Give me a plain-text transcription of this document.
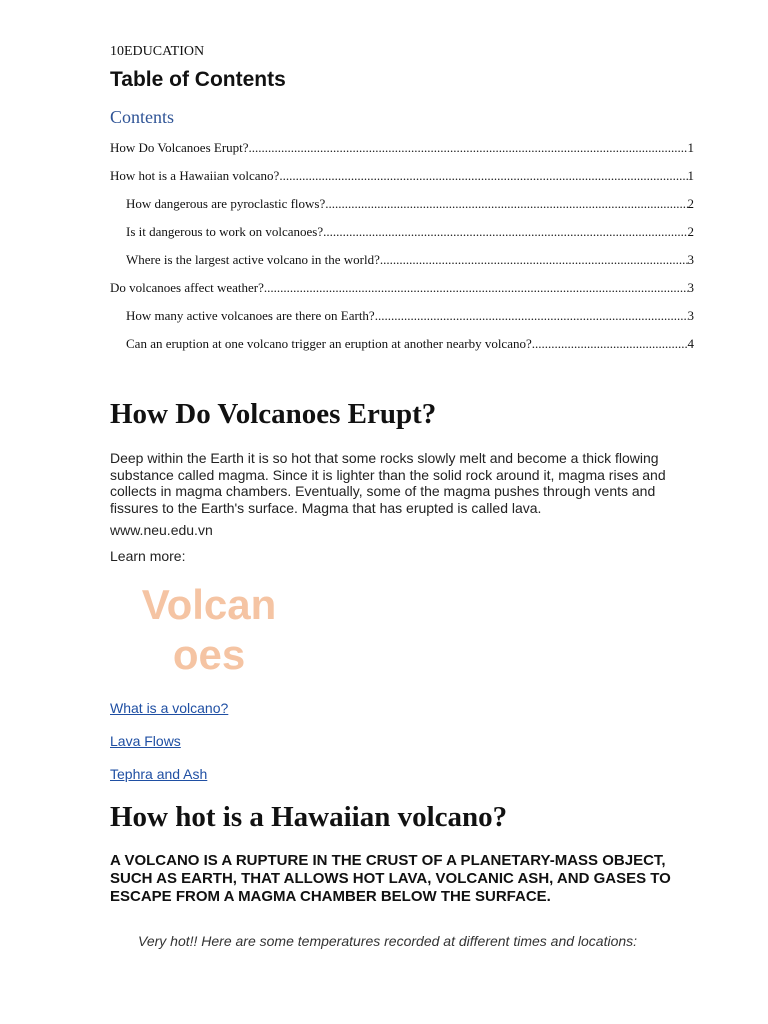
10EDUCATION
Table of Contents
Contents
How Do Volcanoes Erupt? .....	1
How hot is a Hawaiian volcano? .....	1
How dangerous are pyroclastic flows? .....	2
Is it dangerous to work on volcanoes? .....	2
Where is the largest active volcano in the world? .....	3
Do volcanoes affect weather? .....	3
How many active volcanoes are there on Earth? .....	3
Can an eruption at one volcano trigger an eruption at another nearby volcano? .....	4
How Do Volcanoes Erupt?
Deep within the Earth it is so hot that some rocks slowly melt and become a thick flowing substance called magma. Since it is lighter than the solid rock around it, magma rises and collects in magma chambers. Eventually, some of the magma pushes through vents and fissures to the Earth's surface. Magma that has erupted is called lava.
www.neu.edu.vn
Learn more:
Volcan
oes
What is a volcano?
Lava Flows
Tephra and Ash
How hot is a Hawaiian volcano?
A VOLCANO IS A RUPTURE IN THE CRUST OF A PLANETARY-MASS OBJECT, SUCH AS EARTH, THAT ALLOWS HOT LAVA, VOLCANIC ASH, AND GASES TO ESCAPE FROM A MAGMA CHAMBER BELOW THE SURFACE.
Very hot!! Here are some temperatures recorded at different times and locations:
